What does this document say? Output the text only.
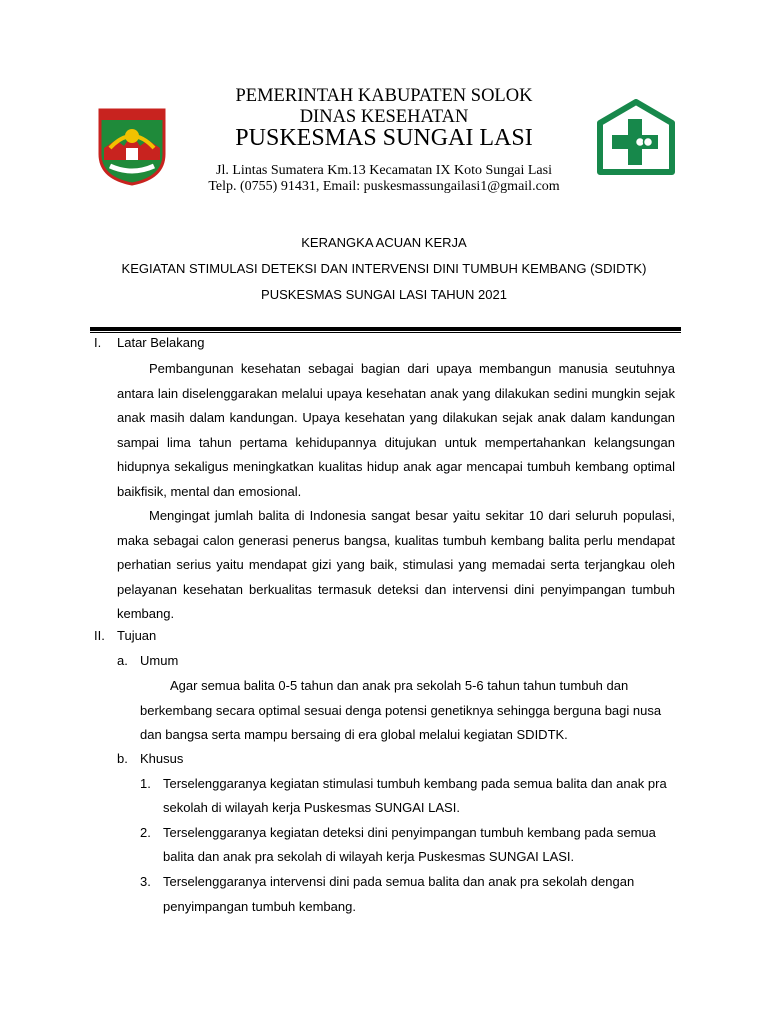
PEMERINTAH KABUPATEN SOLOK
DINAS KESEHATAN
PUSKESMAS SUNGAI LASI
Jl. Lintas Sumatera Km.13 Kecamatan IX Koto Sungai Lasi
Telp. (0755) 91431, Email: puskesmassungailasi1@gmail.com
KERANGKA ACUAN KERJA
KEGIATAN STIMULASI DETEKSI DAN INTERVENSI DINI TUMBUH KEMBANG (SDIDTK)
PUSKESMAS SUNGAI LASI TAHUN 2021
I. Latar Belakang
Pembangunan kesehatan sebagai bagian dari upaya membangun manusia seutuhnya
antara lain diselenggarakan melalui upaya kesehatan anak yang dilakukan sedini mungkin sejak
anak masih dalam kandungan. Upaya kesehatan yang dilakukan sejak anak dalam kandungan
sampai lima tahun pertama kehidupannya ditujukan untuk mempertahankan kelangsungan
hidupnya sekaligus meningkatkan kualitas hidup anak agar mencapai tumbuh kembang optimal
baikfisik, mental dan emosional.
Mengingat jumlah balita di Indonesia sangat besar yaitu sekitar 10 dari seluruh populasi,
maka sebagai calon generasi penerus bangsa, kualitas tumbuh kembang balita perlu mendapat
perhatian serius yaitu mendapat gizi yang baik, stimulasi yang memadai serta terjangkau oleh
pelayanan kesehatan berkualitas termasuk deteksi dan intervensi dini penyimpangan tumbuh
kembang.
II. Tujuan
a. Umum
Agar semua balita 0-5 tahun dan anak pra sekolah 5-6 tahun tahun tumbuh dan
berkembang secara optimal sesuai denga potensi genetiknya sehingga berguna bagi nusa
dan bangsa serta mampu bersaing di era global melalui kegiatan SDIDTK.
b. Khusus
1. Terselenggaranya kegiatan stimulasi tumbuh kembang pada semua balita dan anak pra
sekolah di wilayah kerja Puskesmas SUNGAI LASI.
2. Terselenggaranya kegiatan deteksi dini penyimpangan tumbuh kembang pada semua
balita dan anak pra sekolah di wilayah kerja Puskesmas SUNGAI LASI.
3. Terselenggaranya intervensi dini pada semua balita dan anak pra sekolah dengan
penyimpangan tumbuh kembang.
